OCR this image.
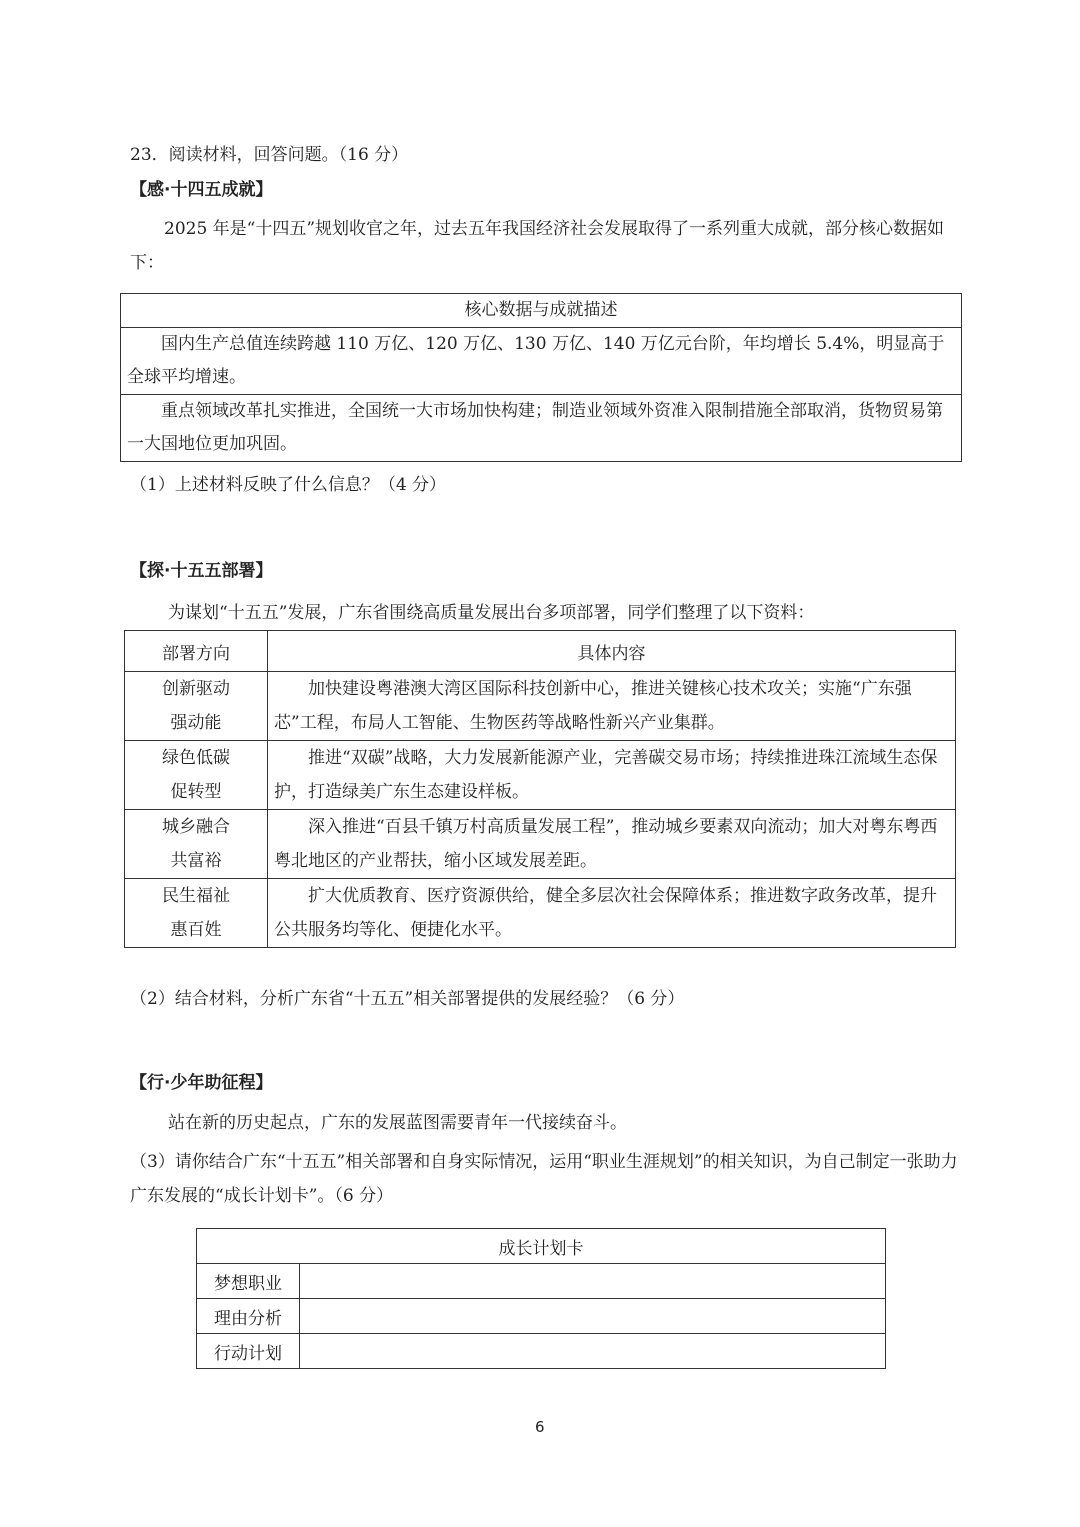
23．阅读材料，回答问题。（16 分）
【感·十四五成就】
2025 年是“十四五”规划收官之年，过去五年我国经济社会发展取得了一系列重大成就，部分核心数据如下：
核心数据与成就描述
国内生产总值连续跨越 110 万亿、120 万亿、130 万亿、140 万亿元台阶，年均增长 5.4%，明显高于全球平均增速。
重点领域改革扎实推进，全国统一大市场加快构建；制造业领域外资准入限制措施全部取消，货物贸易第一大国地位更加巩固。
（1）上述材料反映了什么信息？（4 分）
【探·十五五部署】
为谋划“十五五”发展，广东省围绕高质量发展出台多项部署，同学们整理了以下资料：
部署方向	具体内容
创新驱动
强动能	加快建设粤港澳大湾区国际科技创新中心，推进关键核心技术攻关；实施“广东强芯”工程，布局人工智能、生物医药等战略性新兴产业集群。
绿色低碳
促转型	推进“双碳”战略，大力发展新能源产业，完善碳交易市场；持续推进珠江流域生态保护，打造绿美广东生态建设样板。
城乡融合
共富裕	深入推进“百县千镇万村高质量发展工程”，推动城乡要素双向流动；加大对粤东粤西粤北地区的产业帮扶，缩小区域发展差距。
民生福祉
惠百姓	扩大优质教育、医疗资源供给，健全多层次社会保障体系；推进数字政务改革，提升公共服务均等化、便捷化水平。
（2）结合材料，分析广东省“十五五”相关部署提供的发展经验？（6 分）
【行·少年助征程】
站在新的历史起点，广东的发展蓝图需要青年一代接续奋斗。
（3）请你结合广东“十五五”相关部署和自身实际情况，运用“职业生涯规划”的相关知识，为自己制定一张助力广东发展的“成长计划卡”。（6 分）
成长计划卡	
梦想职业	
理由分析	
行动计划	
6
